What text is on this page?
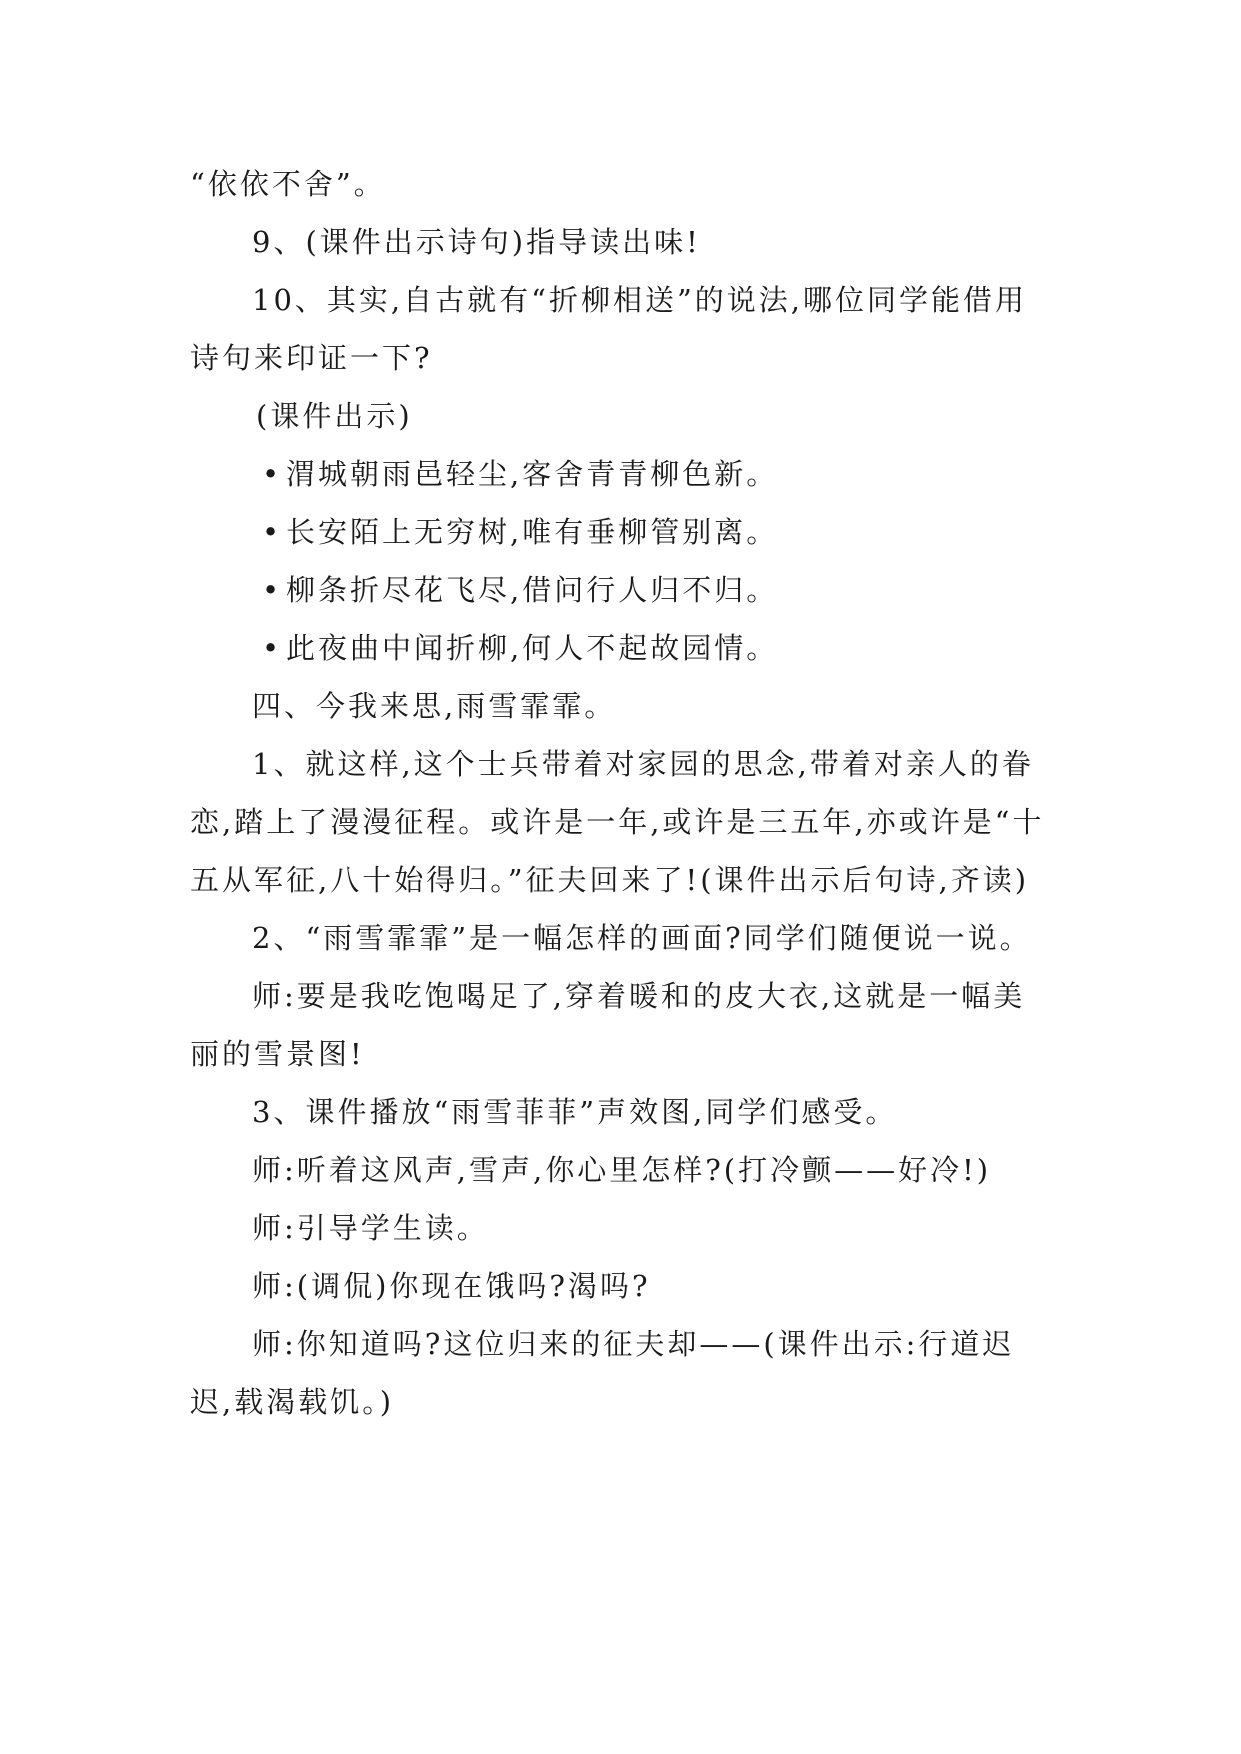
“依依不舍”。

9、(课件出示诗句)指导读出味!

10、其实,自古就有“折柳相送”的说法,哪位同学能借用诗句来印证一下?

(课件出示)

• 渭城朝雨邑轻尘,客舍青青柳色新。

• 长安陌上无穷树,唯有垂柳管别离。

• 柳条折尽花飞尽,借问行人归不归。

• 此夜曲中闻折柳,何人不起故园情。

四、今我来思,雨雪霏霏。

1、就这样,这个士兵带着对家园的思念,带着对亲人的眷恋,踏上了漫漫征程。或许是一年,或许是三五年,亦或许是“十五从军征,八十始得归。”征夫回来了!(课件出示后句诗,齐读)

2、“雨雪霏霏”是一幅怎样的画面?同学们随便说一说。

师:要是我吃饱喝足了,穿着暖和的皮大衣,这就是一幅美丽的雪景图!

3、课件播放“雨雪菲菲”声效图,同学们感受。

师:听着这风声,雪声,你心里怎样?(打冷颤——好冷!)

师:引导学生读。

师:(调侃)你现在饿吗?渴吗?

师:你知道吗?这位归来的征夫却——(课件出示:行道迟迟,载渴载饥。)
